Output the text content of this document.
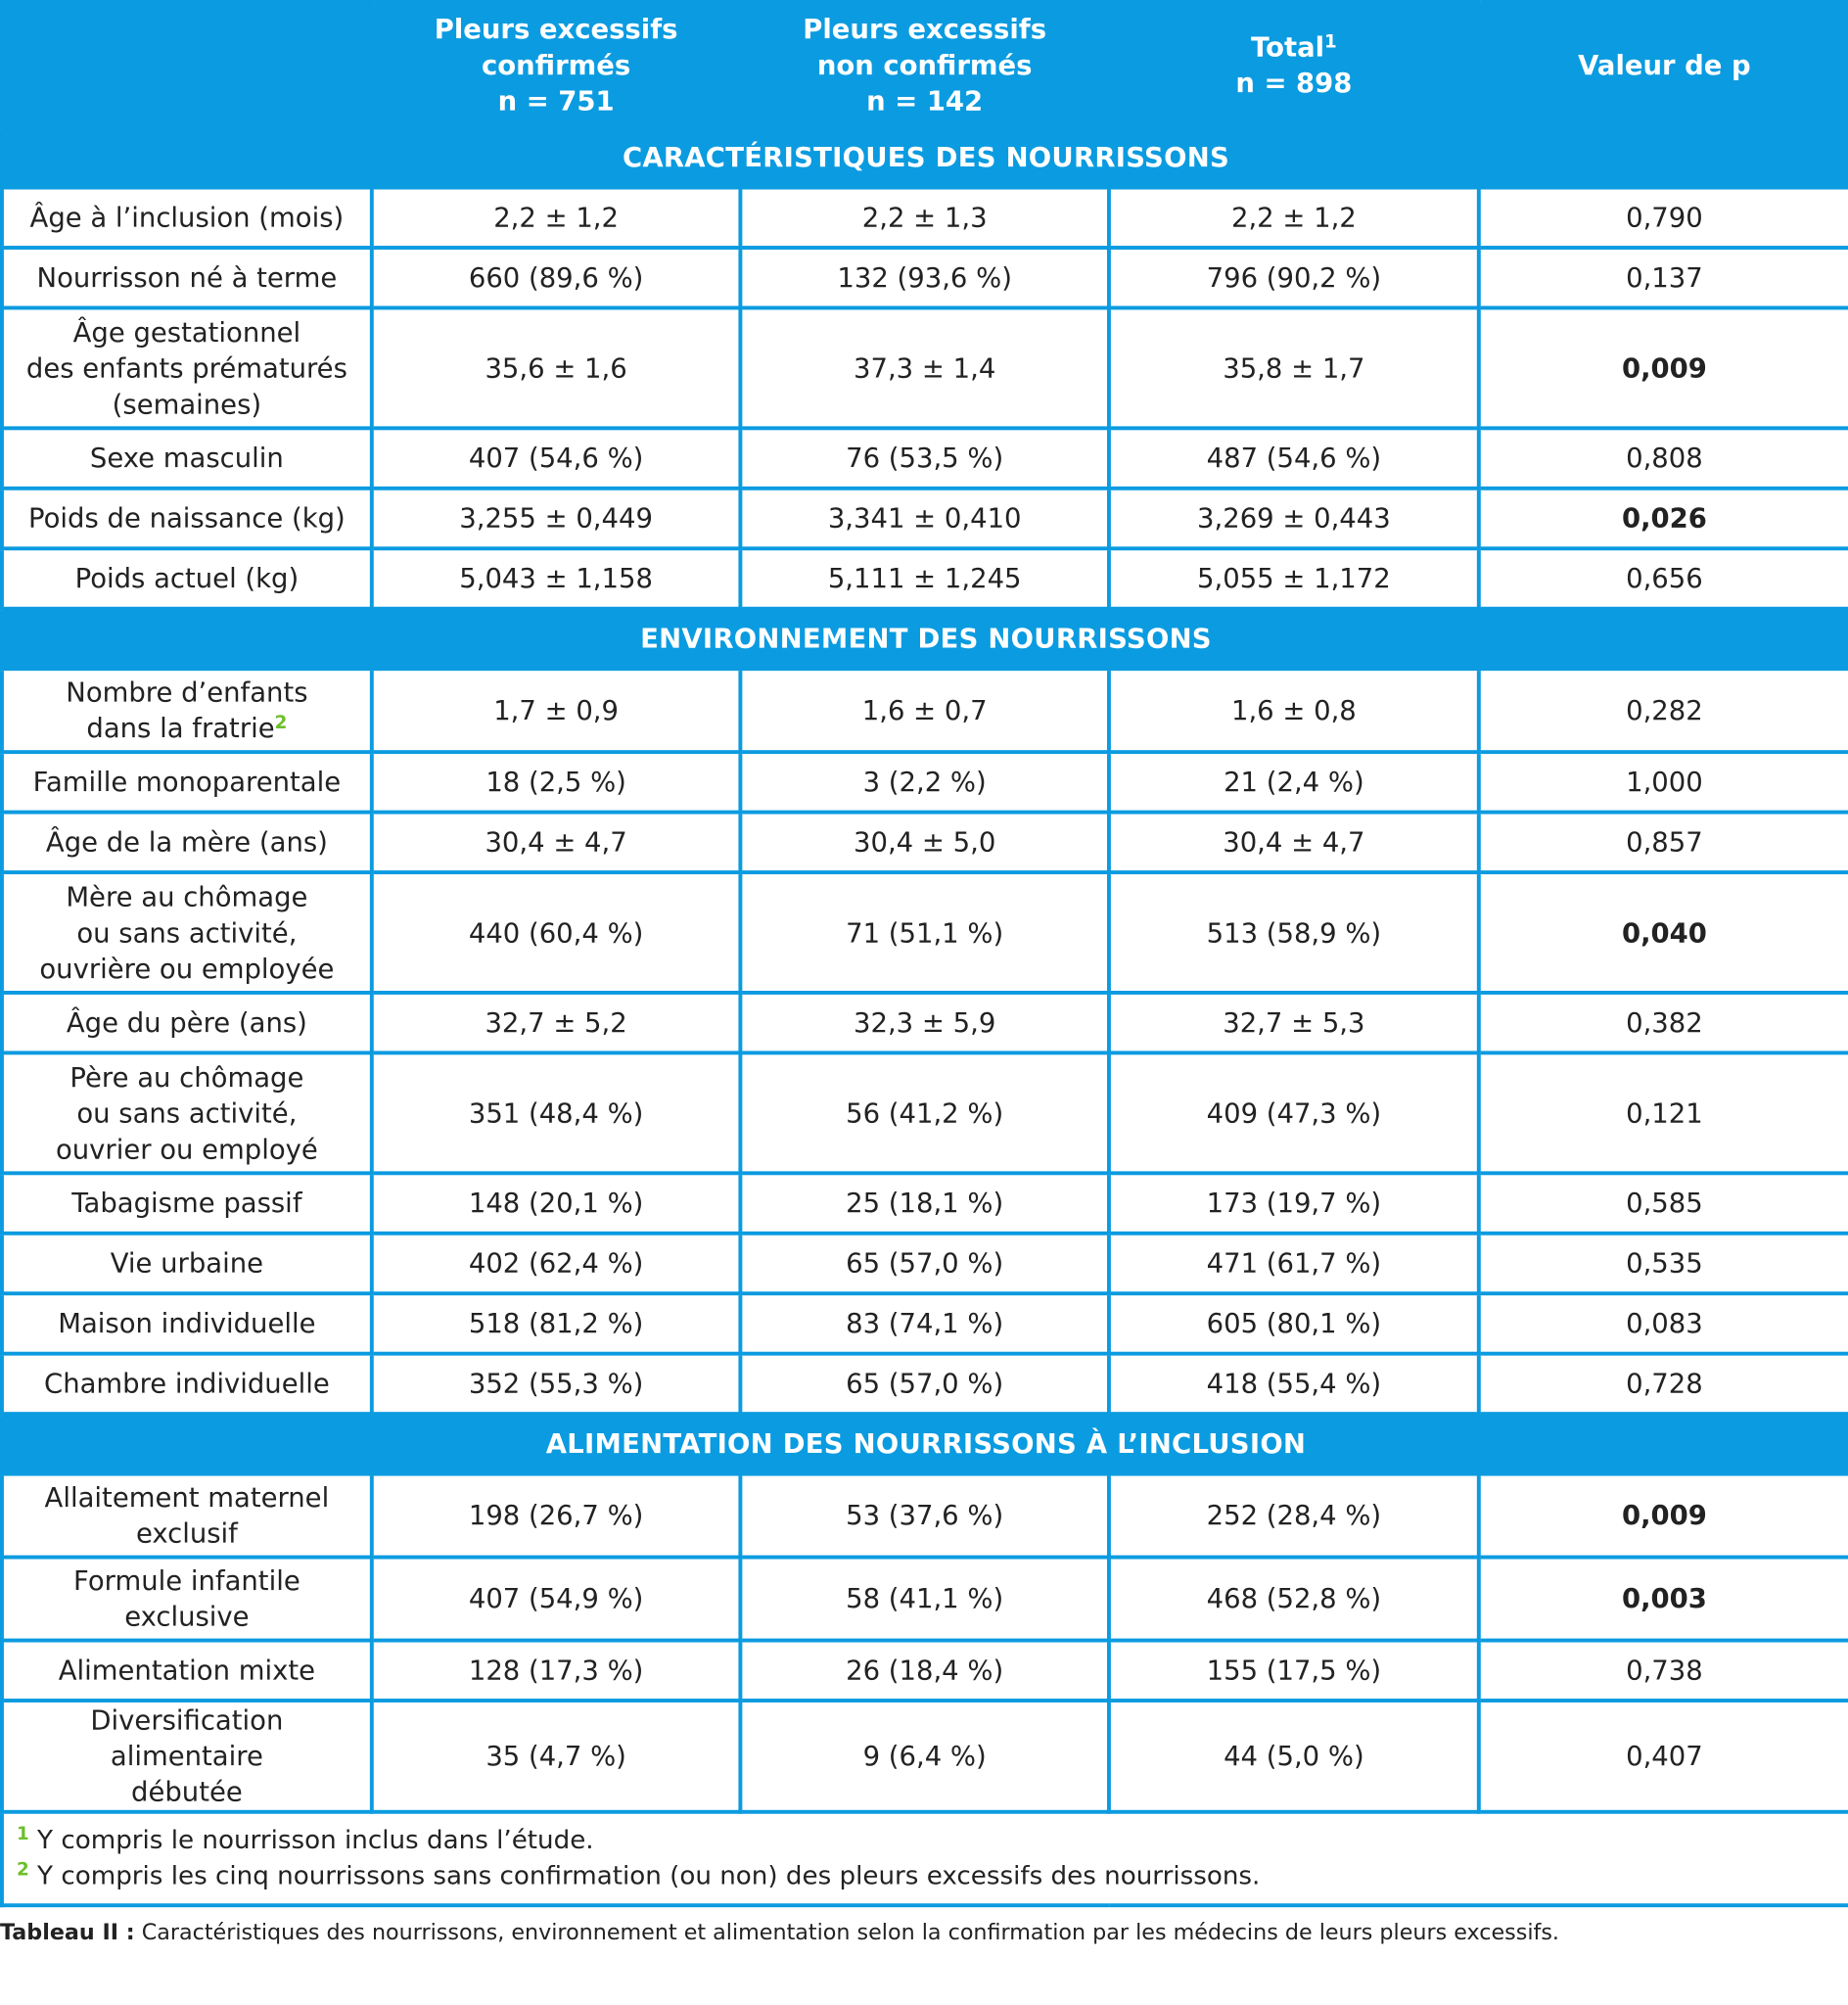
	Pleurs excessifs
confirmés
n = 751	Pleurs excessifs
non confirmés
n = 142	Total$^1$
n = 898	Valeur de p
CARACTÉRISTIQUES DES NOURRISSONS				

Âge à l’inclusion (mois)	2,2 ± 1,2	2,2 ± 1,3	2,2 ± 1,2	0,790

Nourrisson né à terme	660 (89,6 %)	132 (93,6 %)	796 (90,2 %)	0,137

Âge gestationnel
des enfants prématurés
(semaines)	35,6 ± 1,6	37,3 ± 1,4	35,8 ± 1,7	0,009

Sexe masculin	407 (54,6 %)	76 (53,5 %)	487 (54,6 %)	0,808

Poids de naissance (kg)	3,255 ± 0,449	3,341 ± 0,410	3,269 ± 0,443	0,026

Poids actuel (kg)	5,043 ± 1,158	5,111 ± 1,245	5,055 ± 1,172	0,656
ENVIRONNEMENT DES NOURRISSONS				

Nombre d’enfants
dans la fratrie$^2$	1,7 ± 0,9	1,6 ± 0,7	1,6 ± 0,8	0,282

Famille monoparentale	18 (2,5 %)	3 (2,2 %)	21 (2,4 %)	1,000

Âge de la mère (ans)	30,4 ± 4,7	30,4 ± 5,0	30,4 ± 4,7	0,857

Mère au chômage
ou sans activité,
ouvrière ou employée	440 (60,4 %)	71 (51,1 %)	513 (58,9 %)	0,040

Âge du père (ans)	32,7 ± 5,2	32,3 ± 5,9	32,7 ± 5,3	0,382

Père au chômage
ou sans activité,
ouvrier ou employé	351 (48,4 %)	56 (41,2 %)	409 (47,3 %)	0,121

Tabagisme passif	148 (20,1 %)	25 (18,1 %)	173 (19,7 %)	0,585

Vie urbaine	402 (62,4 %)	65 (57,0 %)	471 (61,7 %)	0,535

Maison individuelle	518 (81,2 %)	83 (74,1 %)	605 (80,1 %)	0,083

Chambre individuelle	352 (55,3 %)	65 (57,0 %)	418 (55,4 %)	0,728
ALIMENTATION DES NOURRISSONS À L’INCLUSION				

Allaitement maternel
exclusif	198 (26,7 %)	53 (37,6 %)	252 (28,4 %)	0,009

Formule infantile
exclusive	407 (54,9 %)	58 (41,1 %)	468 (52,8 %)	0,003

Alimentation mixte	128 (17,3 %)	26 (18,4 %)	155 (17,5 %)	0,738

Diversification alimentaire
débutée	35 (4,7 %)	9 (6,4 %)	44 (5,0 %)	0,407

$^1$ Y compris le nourrisson inclus dans l’étude.
$^2$ Y compris les cinq nourrissons sans confirmation (ou non) des pleurs excessifs des nourrissons.				
Tableau II : Caractéristiques des nourrissons, environnement et alimentation selon la confirmation par les médecins de leurs pleurs excessifs.
